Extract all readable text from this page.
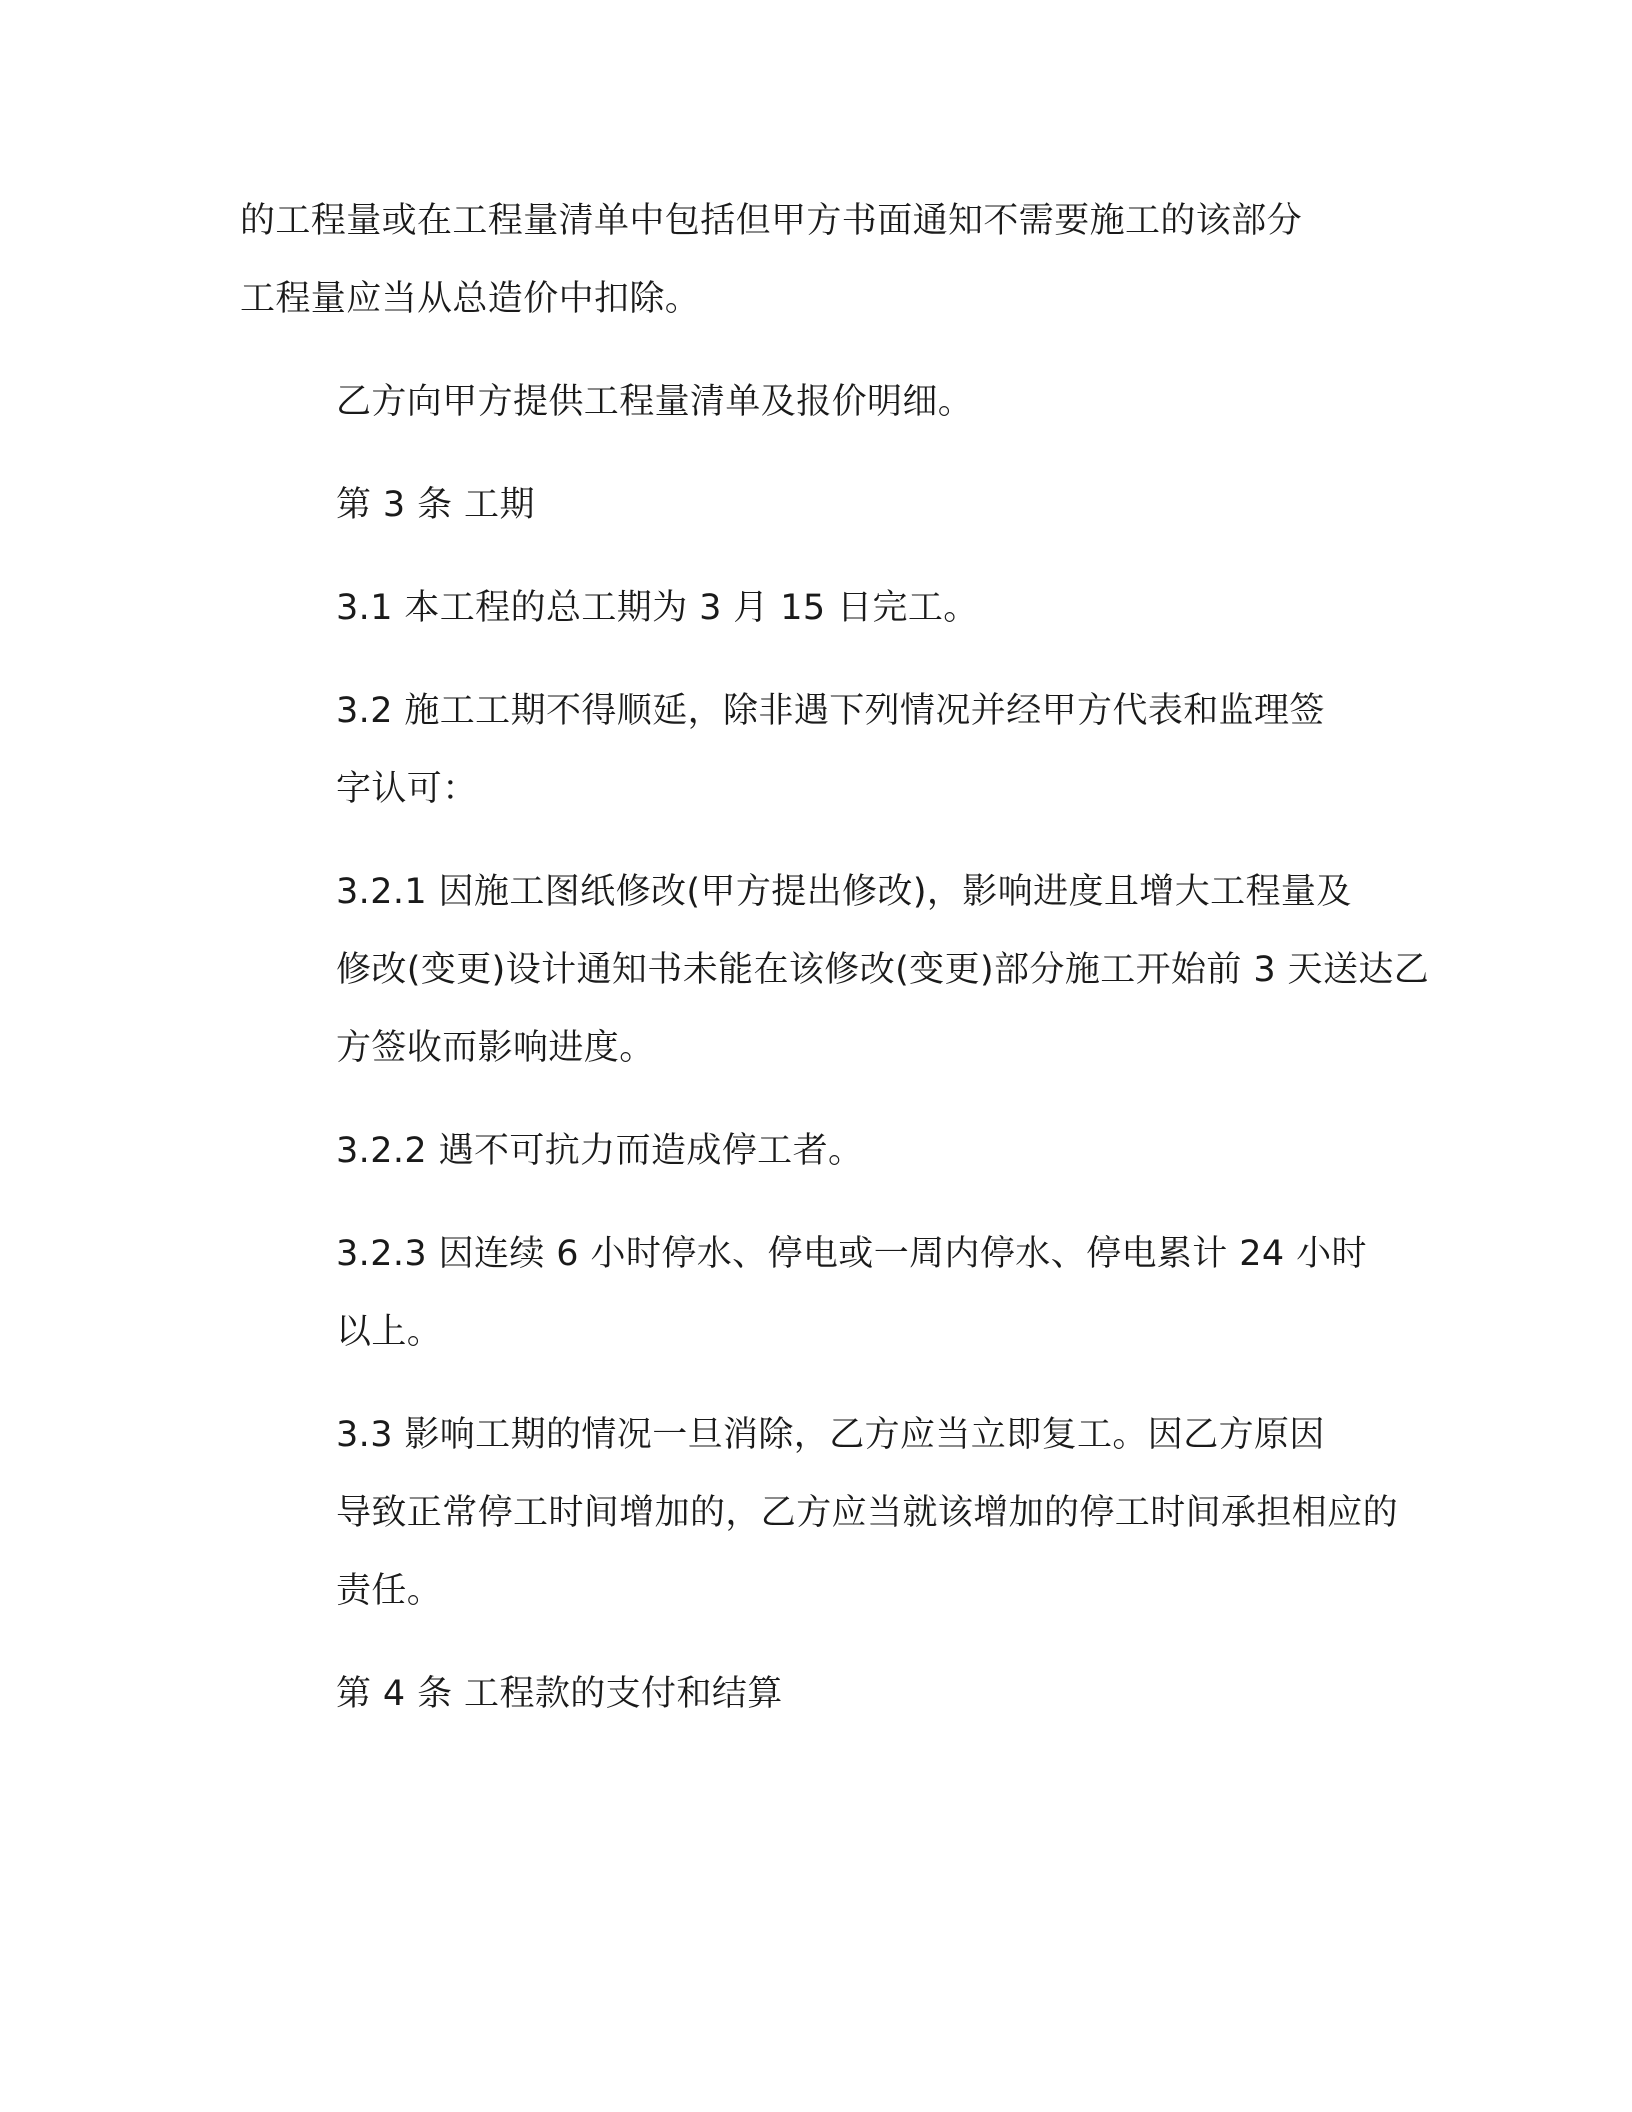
的工程量或在工程量清单中包括但甲方书面通知不需要施工的该部分
工程量应当从总造价中扣除。

乙方向甲方提供工程量清单及报价明细。

第 3 条 工期

3.1 本工程的总工期为 3 月 15 日完工。

3.2 施工工期不得顺延，除非遇下列情况并经甲方代表和监理签
字认可：

3.2.1 因施工图纸修改(甲方提出修改)，影响进度且增大工程量及
修改(变更)设计通知书未能在该修改(变更)部分施工开始前 3 天送达乙
方签收而影响进度。

3.2.2 遇不可抗力而造成停工者。

3.2.3 因连续 6 小时停水、停电或一周内停水、停电累计 24 小时
以上。

3.3 影响工期的情况一旦消除，乙方应当立即复工。因乙方原因
导致正常停工时间增加的，乙方应当就该增加的停工时间承担相应的
责任。

第 4 条 工程款的支付和结算
